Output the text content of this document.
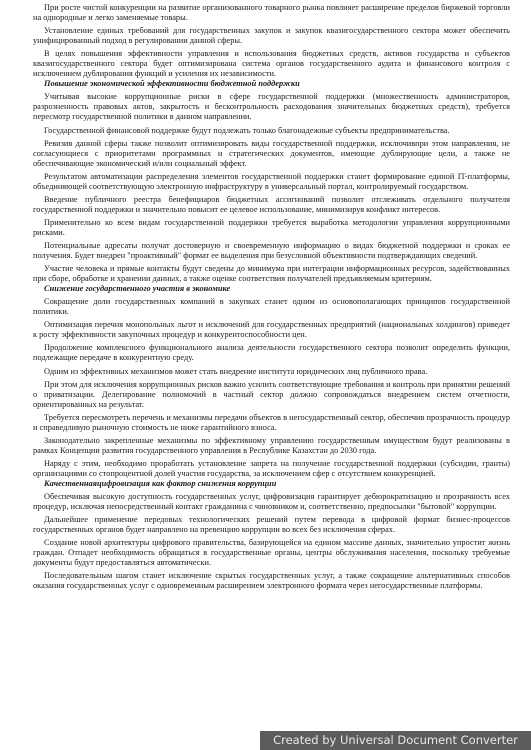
При росте чистой конкуренции на развитие организованного товарного рынка повлияет расширение пределов биржевой торговли на однородные и легко заменяемые товары.

Установление единых требований для государственных закупок и закупок квазигосударственного сектора может обеспечить унифицированный подход в регулировании данной сферы.

В целях повышения эффективности управления и использования бюджетных средств, активов государства и субъектов квазигосударственного сектора будет оптимизирована система органов государственного аудита и финансового контроля с исключением дублирования функций и усиления их независимости.

Повышение экономической эффективности бюджетной поддержки

Учитывая высокие коррупционные риски в сфере государственной поддержки (множественность администраторов, разрозненность правовых актов, закрытость и бесконтрольность расходования значительных бюджетных средств), требуется пересмотр государственной политики в данном направлении.

Государственной финансовой поддержке будут подлежать только благонадежные субъекты предпринимательства.

Ревизия данной сферы также позволит оптимизировать виды государственной поддержки, исключивпри этом направления, не согласующиеся с приоритетами программных и стратегических документов, имеющие дублирующие цели, а также не обеспечивающие экономический и/или социальный эффект.

Результатом автоматизации распределения элементов государственной поддержки станет формирование единой IT-платформы, объединяющей соответствующую электронную инфраструктуру в универсальный портал, контролируемый государством.

Введение публичного реестра бенефициаров бюджетных ассигнований позволит отслеживать отдельного получателя государственной поддержки и значительно повысит ее целевое использование, минимизируя конфликт интересов.

Применительно ко всем видам государственной поддержки требуется выработка методологии управления коррупционными рисками.

Потенциальные адресаты получат достоверную и своевременную информацию о видах бюджетной поддержки и сроках ее получения. Будет внедрен "проактивный" формат ее выделения при безусловной объективности подтверждающих сведений.

Участие человека и прямые контакты будут сведены до минимума при интеграции информационных ресурсов, задействованных при сборе, обработке и хранении данных, а также оценке соответствия получателей предъявляемым критериям.

Снижение государственного участия в экономике

Сокращение доли государственных компаний в закупках станет одним из основополагающих принципов государственной политики.

Оптимизация перечня монопольных льгот и исключений для государственных предприятий (национальных холдингов) приведет к росту эффективности закупочных процедур и конкурентоспособности цен.

Продолжение комплексного функционального анализа деятельности государственного сектора позволит определить функции, подлежащие передаче в конкурентную среду.

Одним из эффективных механизмов может стать внедрение института юридических лиц публичного права.

При этом для исключения коррупционных рисков важно усилить соответствующие требования и контроль при принятии решений о приватизации. Делегирование полномочий в частный сектор должно сопровождаться внедрением систем отчетности, ориентированных на результат.

Требуется пересмотреть перечень и механизмы передачи объектов в негосударственный сектор, обеспечив прозрачность процедур и справедливую рыночную стоимость не ниже гарантийного взноса.

Законодательно закрепленные механизмы по эффективному управлению государственным имуществом будут реализованы в рамках Концепции развития государственного управления в Республике Казахстан до 2030 года.

Наряду с этим, необходимо проработать установление запрета на получение государственной поддержки (субсидии, гранты) организациями со стопроцентной долей участия государства, за исключением сфер с отсутствием конкуренцией.

Качественнаяцифровизация как фактор снижения коррупции

Обеспечивая высокую доступность государственных услуг, цифровизация гарантирует дебюрократизацию и прозрачность всех процедур, исключая непосредственный контакт гражданина с чиновником и, соответственно, предпосылки "бытовой" коррупции.

Дальнейшее применение передовых технологических решений путем перевода в цифровой формат бизнес-процессов государственных органов будет направлено на превенцию коррупции во всех без исключения сферах.

Создание новой архитектуры цифрового правительства, базирующейся на едином массиве данных, значительно упростит жизнь граждан. Отпадет необходимость обращаться в государственные органы, центры обслуживания населения, поскольку требуемые документы будут предоставляться автоматически.

Последовательным шагом станет исключение скрытых государственных услуг, а также сокращение альтернативных способов оказания государственных услуг с одновременным расширением электронного формата через негосударственные платформы.

Created by Universal Document Converter
